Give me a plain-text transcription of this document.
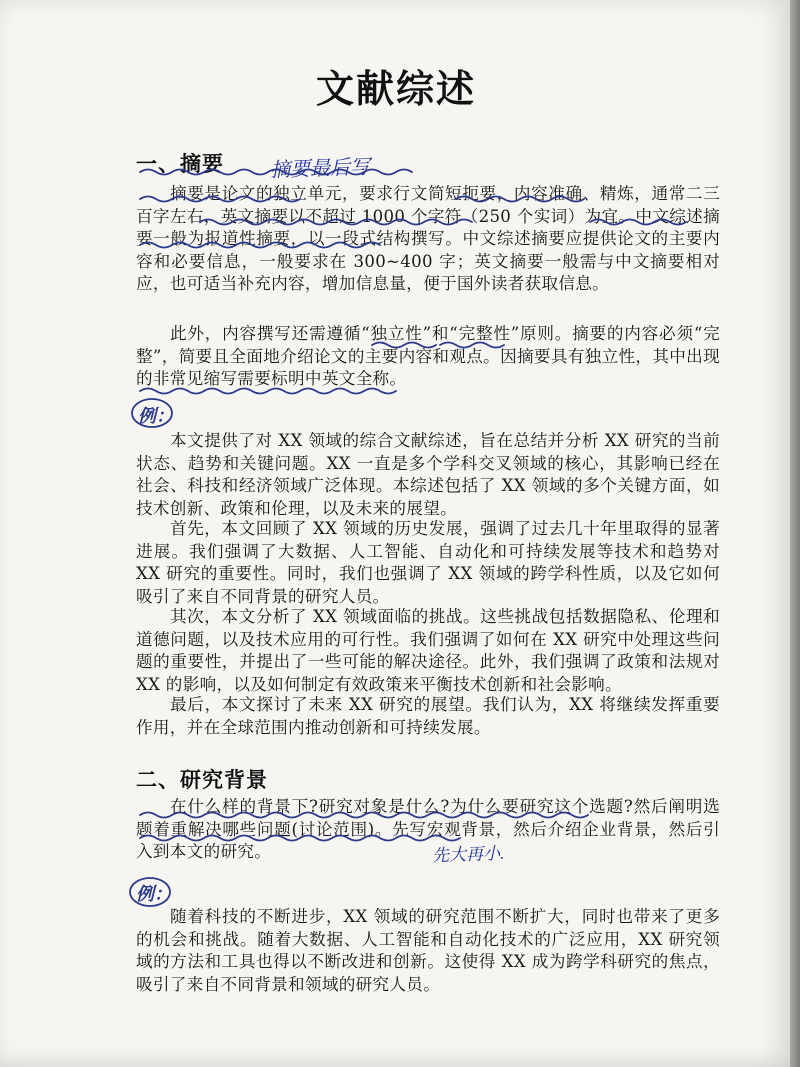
文献综述
一、摘要 摘要最后写
摘要是论文的独立单元，要求行文简短扼要，内容准确、精炼，通常二三百字左右，英文摘要以不超过 1000 个字符（250 个实词）为宜。中文综述摘要一般为报道性摘要，以一段式结构撰写。中文综述摘要应提供论文的主要内容和必要信息，一般要求在 300~400 字；英文摘要一般需与中文摘要相对应，也可适当补充内容，增加信息量，便于国外读者获取信息。
此外，内容撰写还需遵循“独立性”和“完整性”原则。摘要的内容必须“完整”，简要且全面地介绍论文的主要内容和观点。因摘要具有独立性，其中出现的非常见缩写需要标明中英文全称。
例：
本文提供了对 XX 领域的综合文献综述，旨在总结并分析 XX 研究的当前状态、趋势和关键问题。XX 一直是多个学科交叉领域的核心，其影响已经在社会、科技和经济领域广泛体现。本综述包括了 XX 领域的多个关键方面，如技术创新、政策和伦理，以及未来的展望。
首先，本文回顾了 XX 领域的历史发展，强调了过去几十年里取得的显著进展。我们强调了大数据、人工智能、自动化和可持续发展等技术和趋势对 XX 研究的重要性。同时，我们也强调了 XX 领域的跨学科性质，以及它如何吸引了来自不同背景的研究人员。
其次，本文分析了 XX 领域面临的挑战。这些挑战包括数据隐私、伦理和道德问题，以及技术应用的可行性。我们强调了如何在 XX 研究中处理这些问题的重要性，并提出了一些可能的解决途径。此外，我们强调了政策和法规对 XX 的影响，以及如何制定有效政策来平衡技术创新和社会影响。
最后，本文探讨了未来 XX 研究的展望。我们认为，XX 将继续发挥重要作用，并在全球范围内推动创新和可持续发展。
二、研究背景
在什么样的背景下?研究对象是什么?为什么要研究这个选题?然后阐明选题着重解决哪些问题(讨论范围)。先写宏观背景，然后介绍企业背景，然后引入到本文的研究。	先大再小.
例：
随着科技的不断进步，XX 领域的研究范围不断扩大，同时也带来了更多的机会和挑战。随着大数据、人工智能和自动化技术的广泛应用，XX 研究领域的方法和工具也得以不断改进和创新。这使得 XX 成为跨学科研究的焦点，吸引了来自不同背景和领域的研究人员。
